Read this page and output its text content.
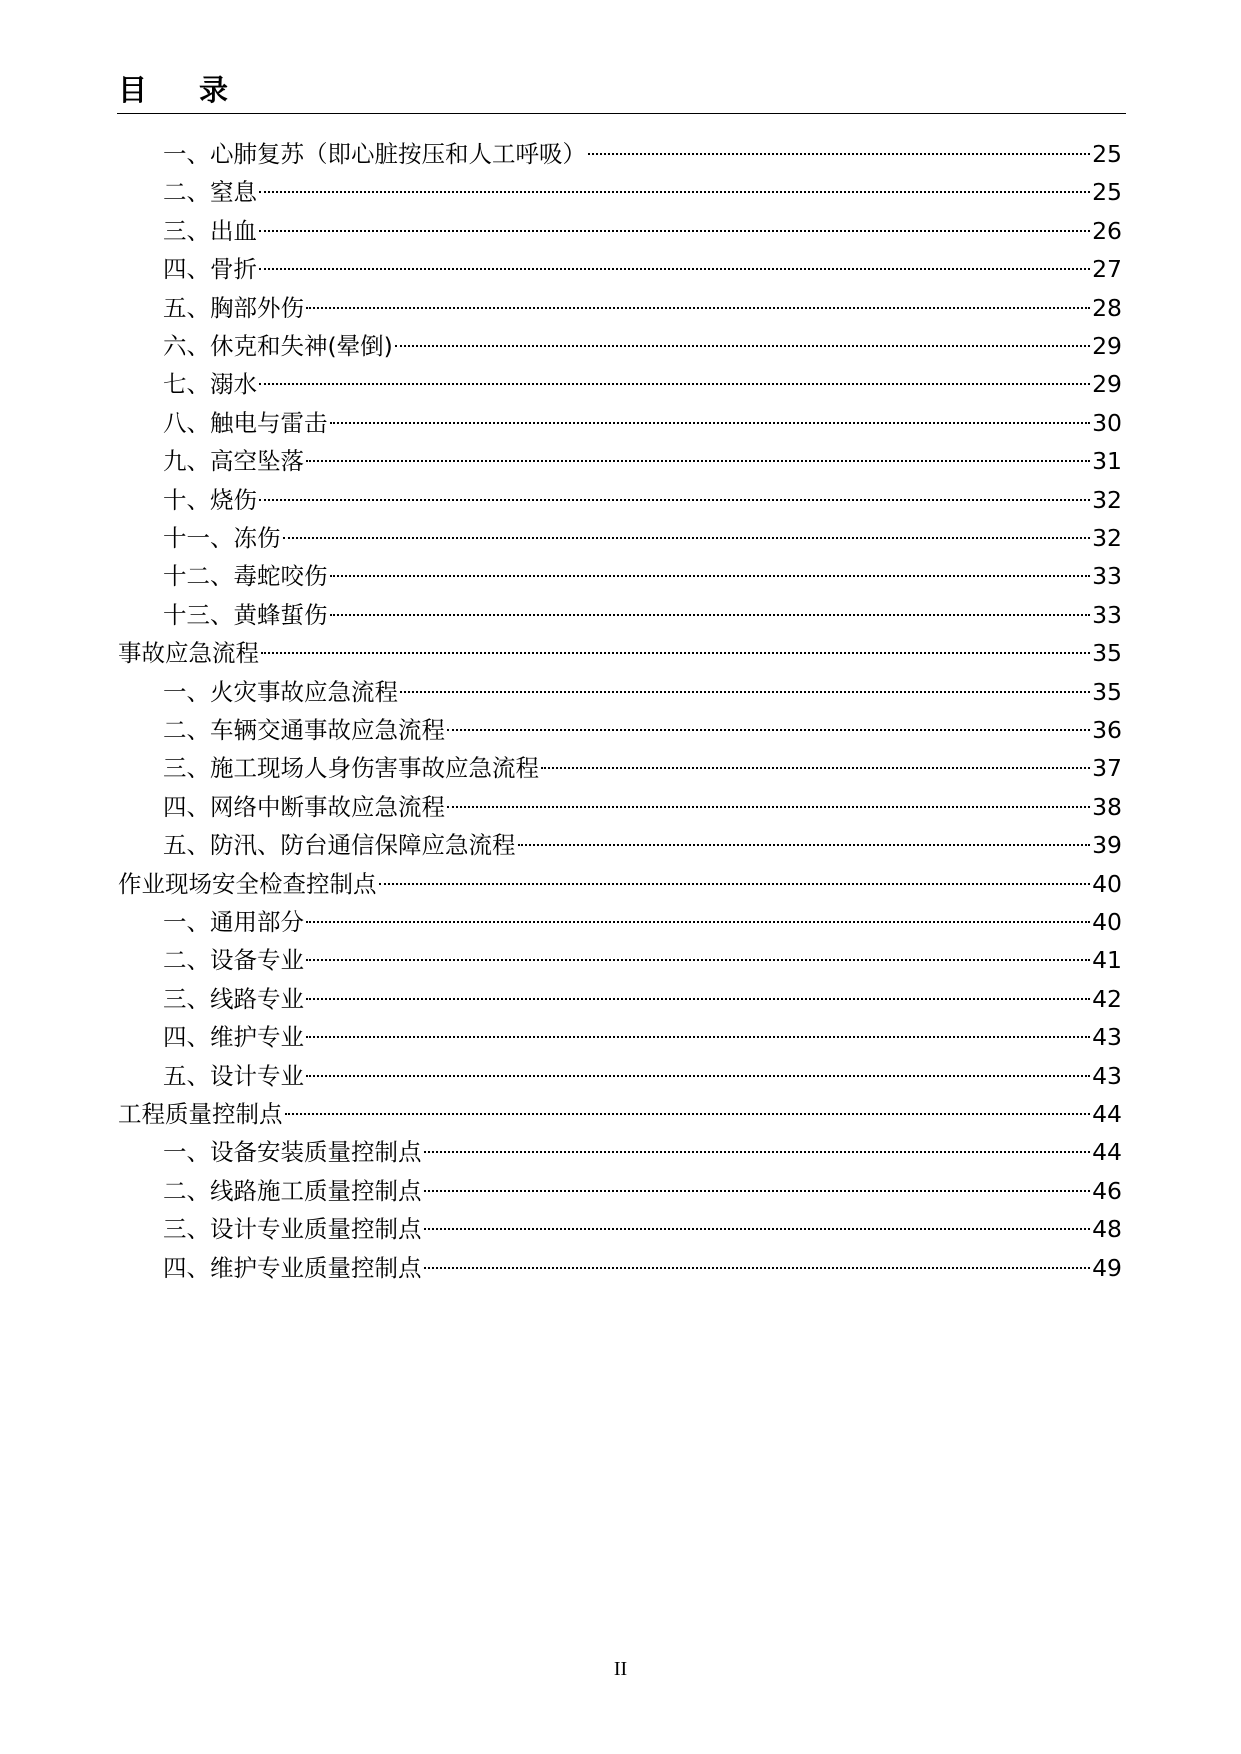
目录
一、心肺复苏（即心脏按压和人工呼吸）	25
二、窒息	25
三、出血	26
四、骨折	27
五、胸部外伤	28
六、休克和失神(晕倒)	29
七、溺水	29
八、触电与雷击	30
九、高空坠落	31
十、烧伤	32
十一、冻伤	32
十二、毒蛇咬伤	33
十三、黄蜂蜇伤	33
事故应急流程	35
一、火灾事故应急流程	35
二、车辆交通事故应急流程	36
三、施工现场人身伤害事故应急流程	37
四、网络中断事故应急流程	38
五、防汛、防台通信保障应急流程	39
作业现场安全检查控制点	40
一、通用部分	40
二、设备专业	41
三、线路专业	42
四、维护专业	43
五、设计专业	43
工程质量控制点	44
一、设备安装质量控制点	44
二、线路施工质量控制点	46
三、设计专业质量控制点	48
四、维护专业质量控制点	49
II
